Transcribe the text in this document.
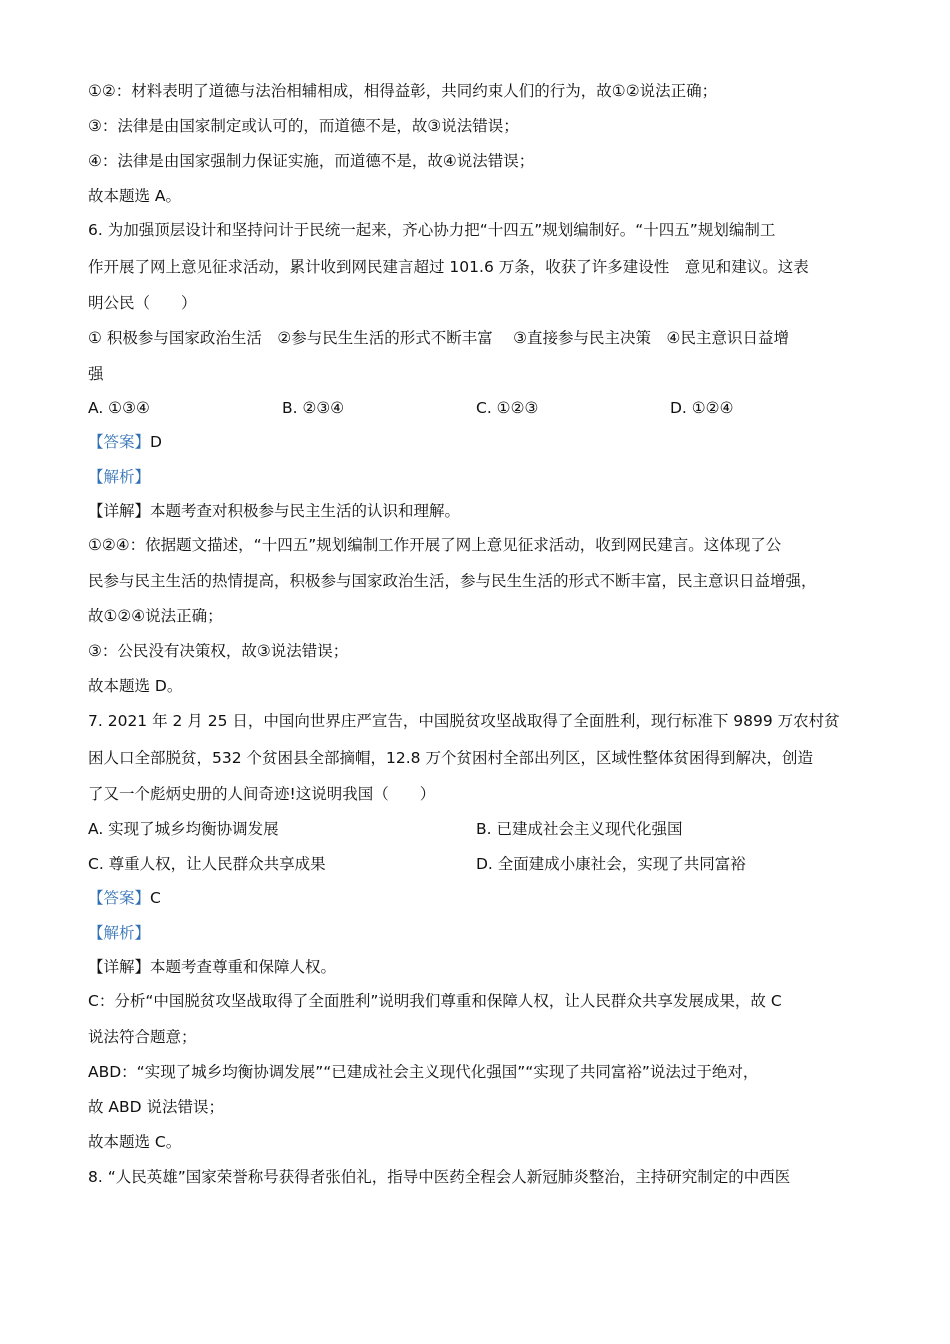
①②：材料表明了道德与法治相辅相成，相得益彰，共同约束人们的行为，故①②说法正确；
③：法律是由国家制定或认可的，而道德不是，故③说法错误；
④：法律是由国家强制力保证实施，而道德不是，故④说法错误；
故本题选 A。
6. 为加强顶层设计和坚持问计于民统一起来，齐心协力把“十四五”规划编制好。“十四五”规划编制工
作开展了网上意见征求活动，累计收到网民建言超过 101.6 万条，收获了许多建设性　意见和建议。这表
明公民（　　）
① 积极参与国家政治生活　②参与民生生活的形式不断丰富　 ③直接参与民主决策　④民主意识日益增
强
A. ①③④	B. ②③④	C. ①②③	D. ①②④
【答案】D
【解析】
【详解】本题考查对积极参与民主生活的认识和理解。
①②④：依据题文描述，“十四五”规划编制工作开展了网上意见征求活动，收到网民建言。这体现了公
民参与民主生活的热情提高，积极参与国家政治生活，参与民生生活的形式不断丰富，民主意识日益增强，
故①②④说法正确；
③：公民没有决策权，故③说法错误；
故本题选 D。
7. 2021 年 2 月 25 日，中国向世界庄严宣告，中国脱贫攻坚战取得了全面胜利，现行标准下 9899 万农村贫
困人口全部脱贫，532 个贫困县全部摘帽，12.8 万个贫困村全部出列区，区域性整体贫困得到解决，创造
了又一个彪炳史册的人间奇迹!这说明我国（　　）
A. 实现了城乡均衡协调发展	B. 已建成社会主义现代化强国
C. 尊重人权，让人民群众共享成果	D. 全面建成小康社会，实现了共同富裕
【答案】C
【解析】
【详解】本题考查尊重和保障人权。
C：分析“中国脱贫攻坚战取得了全面胜利”说明我们尊重和保障人权，让人民群众共享发展成果，故 C
说法符合题意；
ABD：“实现了城乡均衡协调发展”“已建成社会主义现代化强国”“实现了共同富裕”说法过于绝对，
故 ABD 说法错误；
故本题选 C。
8. “人民英雄”国家荣誉称号获得者张伯礼，指导中医药全程会人新冠肺炎整治，主持研究制定的中西医
